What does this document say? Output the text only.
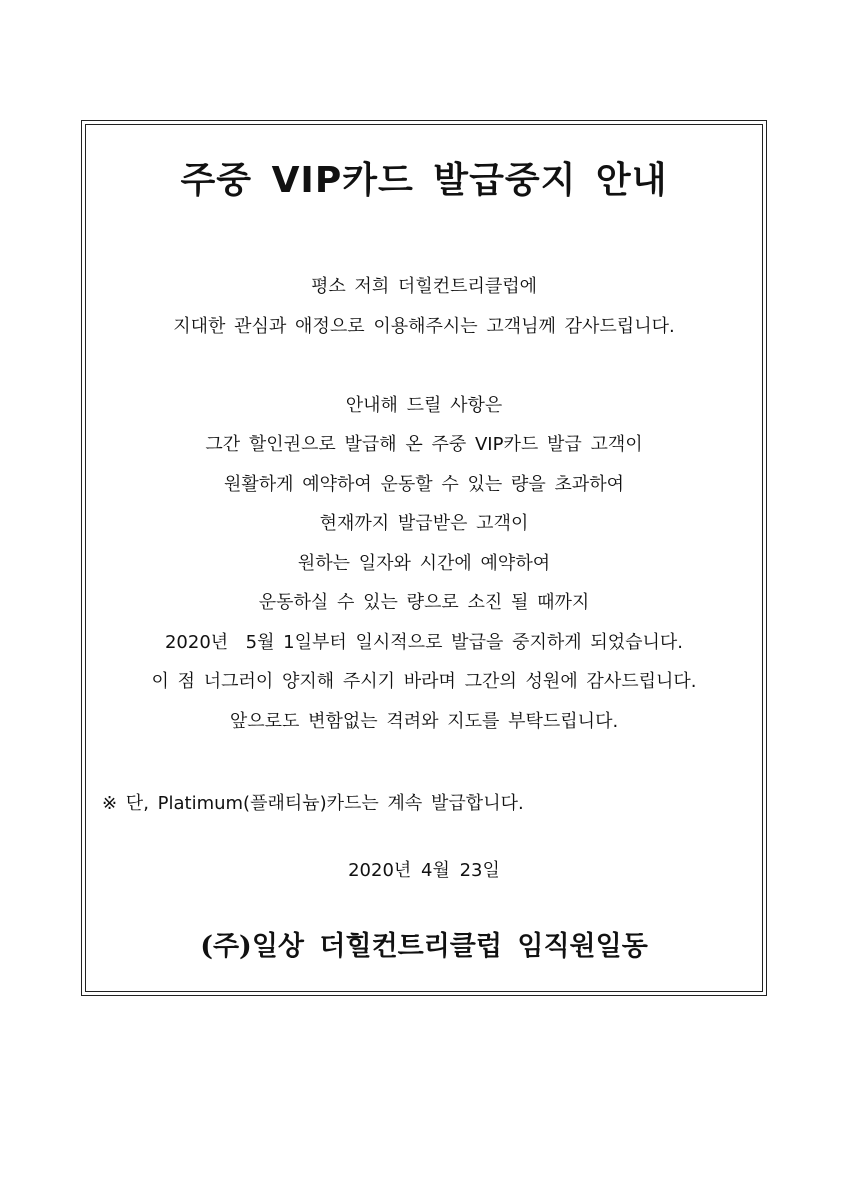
주중 VIP카드 발급중지 안내
평소 저희 더힐컨트리클럽에
지대한 관심과 애정으로 이용해주시는 고객님께 감사드립니다.
안내해 드릴 사항은
그간 할인권으로 발급해 온 주중 VIP카드 발급 고객이
원활하게 예약하여 운동할 수 있는 량을 초과하여
현재까지 발급받은 고객이
원하는 일자와 시간에 예약하여
운동하실 수 있는 량으로 소진 될 때까지
2020년  5월 1일부터 일시적으로 발급을 중지하게 되었습니다.
이 점 너그러이 양지해 주시기 바라며 그간의 성원에 감사드립니다.
앞으로도 변함없는 격려와 지도를 부탁드립니다.
※ 단, Platimum(플래티늄)카드는 계속 발급합니다.
2020년 4월 23일
(주)일상 더힐컨트리클럽 임직원일동
